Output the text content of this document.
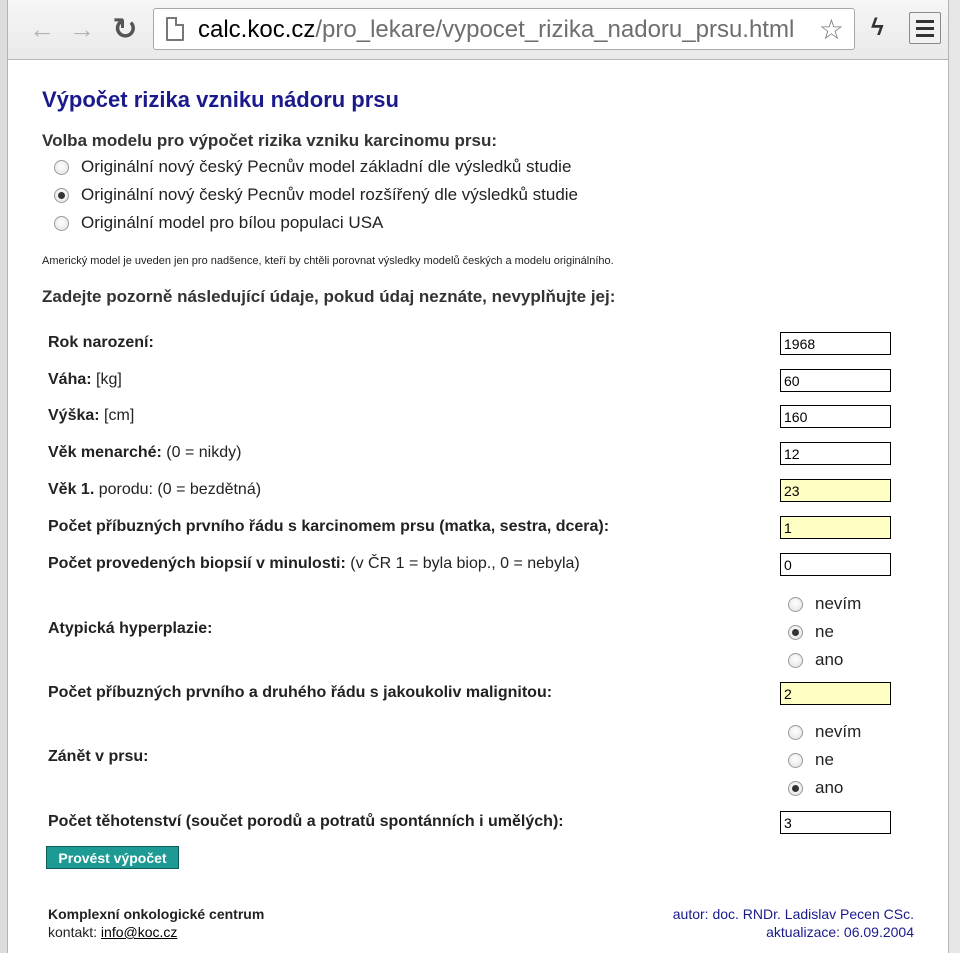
← → ↻	calc.koc.cz/pro_lekare/vypocet_rizika_nadoru_prsu.html ☆ ϟ
Výpočet rizika vzniku nádoru prsu
Volba modelu pro výpočet rizika vzniku karcinomu prsu:
Originální nový český Pecnův model základní dle výsledků studie
Originální nový český Pecnův model rozšířený dle výsledků studie
Originální model pro bílou populaci USA
Americký model je uveden jen pro nadšence, kteří by chtěli porovnat výsledky modelů českých a modelu originálního.
Zadejte pozorně následující údaje, pokud údaj neznáte, nevyplňujte jej:
Rok narození:
1968
Váha: [kg]
60
Výška: [cm]
160
Věk menarché: (0 = nikdy)
12
Věk 1. porodu: (0 = bezdětná)
23
Počet příbuzných prvního řádu s karcinomem prsu (matka, sestra, dcera):
1
Počet provedených biopsií v minulosti: (v ČR 1 = byla biop., 0 = nebyla)
0
Atypická hyperplazie:
nevím
ne
ano
Počet příbuzných prvního a druhého řádu s jakoukoliv malignitou:
2
Zánět v prsu:
nevím
ne
ano
Počet těhotenství (součet porodů a potratů spontánních i umělých):
3
Provést výpočet
Komplexní onkologické centrum
kontakt: info@koc.cz
autor: doc. RNDr. Ladislav Pecen CSc.
aktualizace: 06.09.2004
